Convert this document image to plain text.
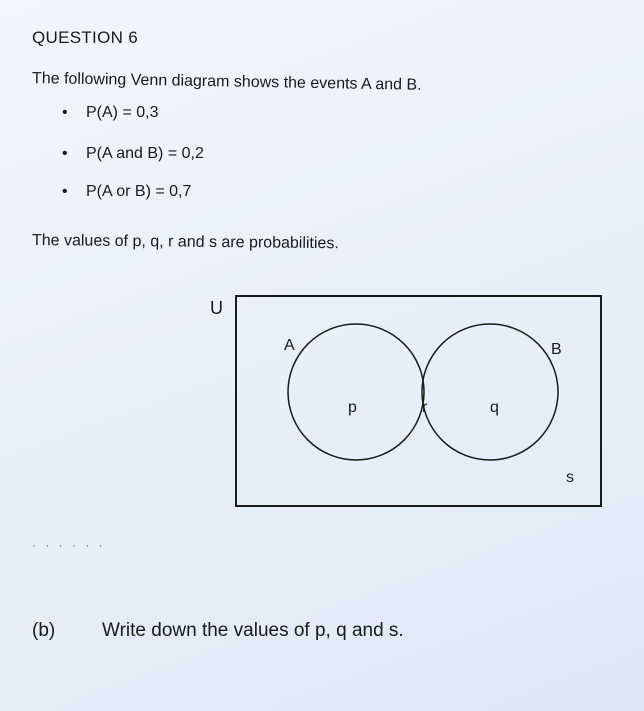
QUESTION 6
The following Venn diagram shows the events A and B.
• P(A) = 0,3
• P(A and B) = 0,2
• P(A or B) = 0,7
The values of p, q, r and s are probabilities.
U
A	B
p	r	q
s
· · · · · ·
(b) Write down the values of p, q and s.
